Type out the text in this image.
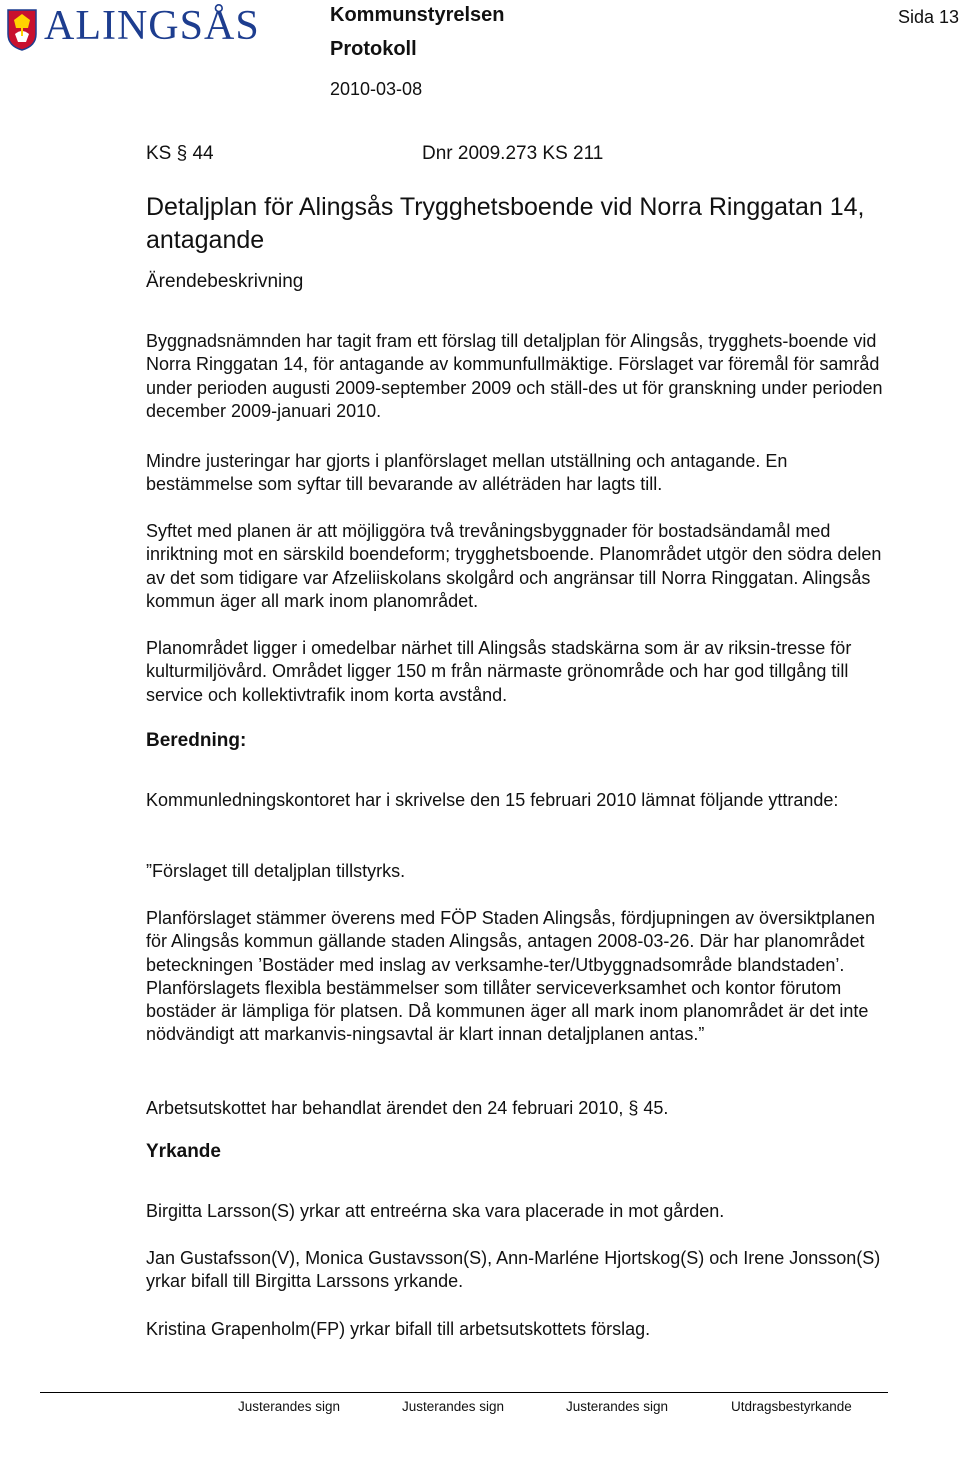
ALINGSÅS	Kommunstyrelsen
Protokoll
2010-03-08
Sida 13
KS § 44	Dnr 2009.273 KS 211
Detaljplan för Alingsås Trygghetsboende vid Norra Ringgatan 14, antagande
Ärendebeskrivning

Byggnadsnämnden har tagit fram ett förslag till detaljplan för Alingsås, trygghets-boende vid Norra Ringgatan 14, för antagande av kommunfullmäktige. Förslaget var föremål för samråd under perioden augusti 2009-september 2009 och ställ-des ut för granskning under perioden december 2009-januari 2010.

Mindre justeringar har gjorts i planförslaget mellan utställning och antagande. En bestämmelse som syftar till bevarande av alléträden har lagts till.

Syftet med planen är att möjliggöra två trevåningsbyggnader för bostadsändamål med inriktning mot en särskild boendeform; trygghetsboende. Planområdet utgör den södra delen av det som tidigare var Afzeliiskolans skolgård och angränsar till Norra Ringgatan. Alingsås kommun äger all mark inom planområdet.

Planområdet ligger i omedelbar närhet till Alingsås stadskärna som är av riksin-tresse för kulturmiljövård. Området ligger 150 m från närmaste grönområde och har god tillgång till service och kollektivtrafik inom korta avstånd.

Beredning:

Kommunledningskontoret har i skrivelse den 15 februari 2010 lämnat följande yttrande:

”Förslaget till detaljplan tillstyrks.

Planförslaget stämmer överens med FÖP Staden Alingsås, fördjupningen av översiktplanen för Alingsås kommun gällande staden Alingsås, antagen 2008-03-26. Där har planområdet beteckningen ’Bostäder med inslag av verksamhe-ter/Utbyggnadsområde blandstaden’. Planförslagets flexibla bestämmelser som tillåter serviceverksamhet och kontor förutom bostäder är lämpliga för platsen. Då kommunen äger all mark inom planområdet är det inte nödvändigt att markanvis-ningsavtal är klart innan detaljplanen antas.”

Arbetsutskottet har behandlat ärendet den 24 februari 2010, § 45.

Yrkande

Birgitta Larsson(S) yrkar att entreérna ska vara placerade in mot gården.

Jan Gustafsson(V), Monica Gustavsson(S), Ann-Marléne Hjortskog(S) och Irene Jonsson(S) yrkar bifall till Birgitta Larssons yrkande.

Kristina Grapenholm(FP) yrkar bifall till arbetsutskottets förslag.

Justerandes sign	Justerandes sign	Justerandes sign	Utdragsbestyrkande
